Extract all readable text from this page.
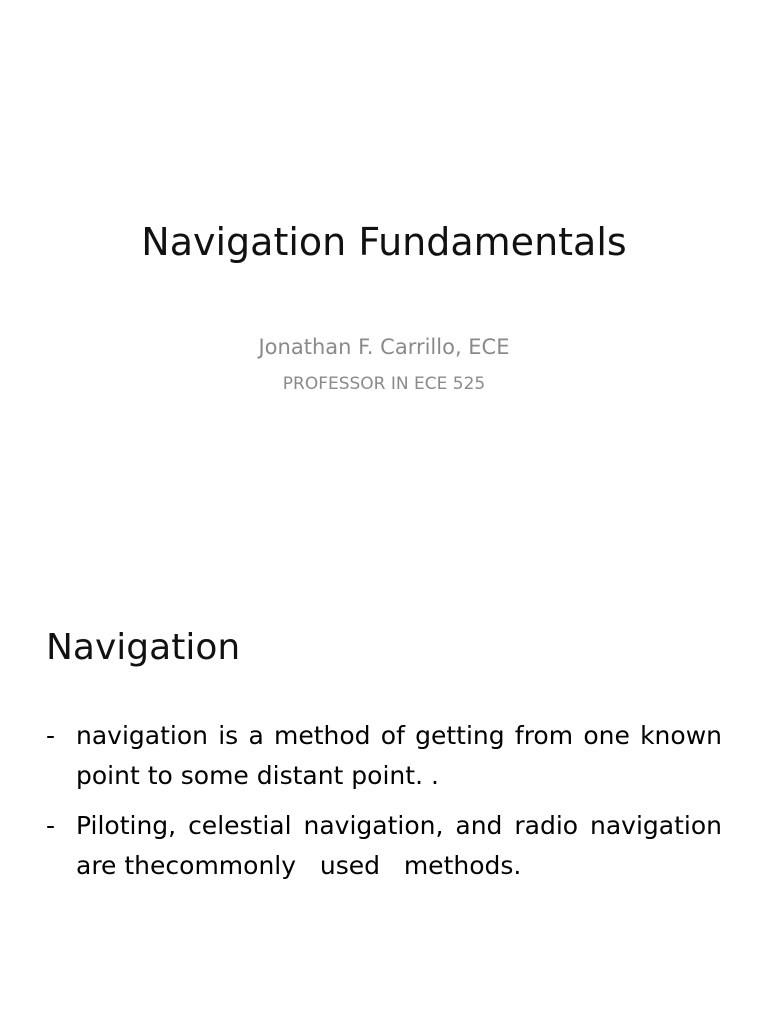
Navigation Fundamentals
Jonathan F. Carrillo, ECE
PROFESSOR IN ECE 525
Navigation
- navigation is a method of getting from one known point to some distant point. .
- Piloting, celestial navigation, and radio navigation are thecommonly   used   methods.
